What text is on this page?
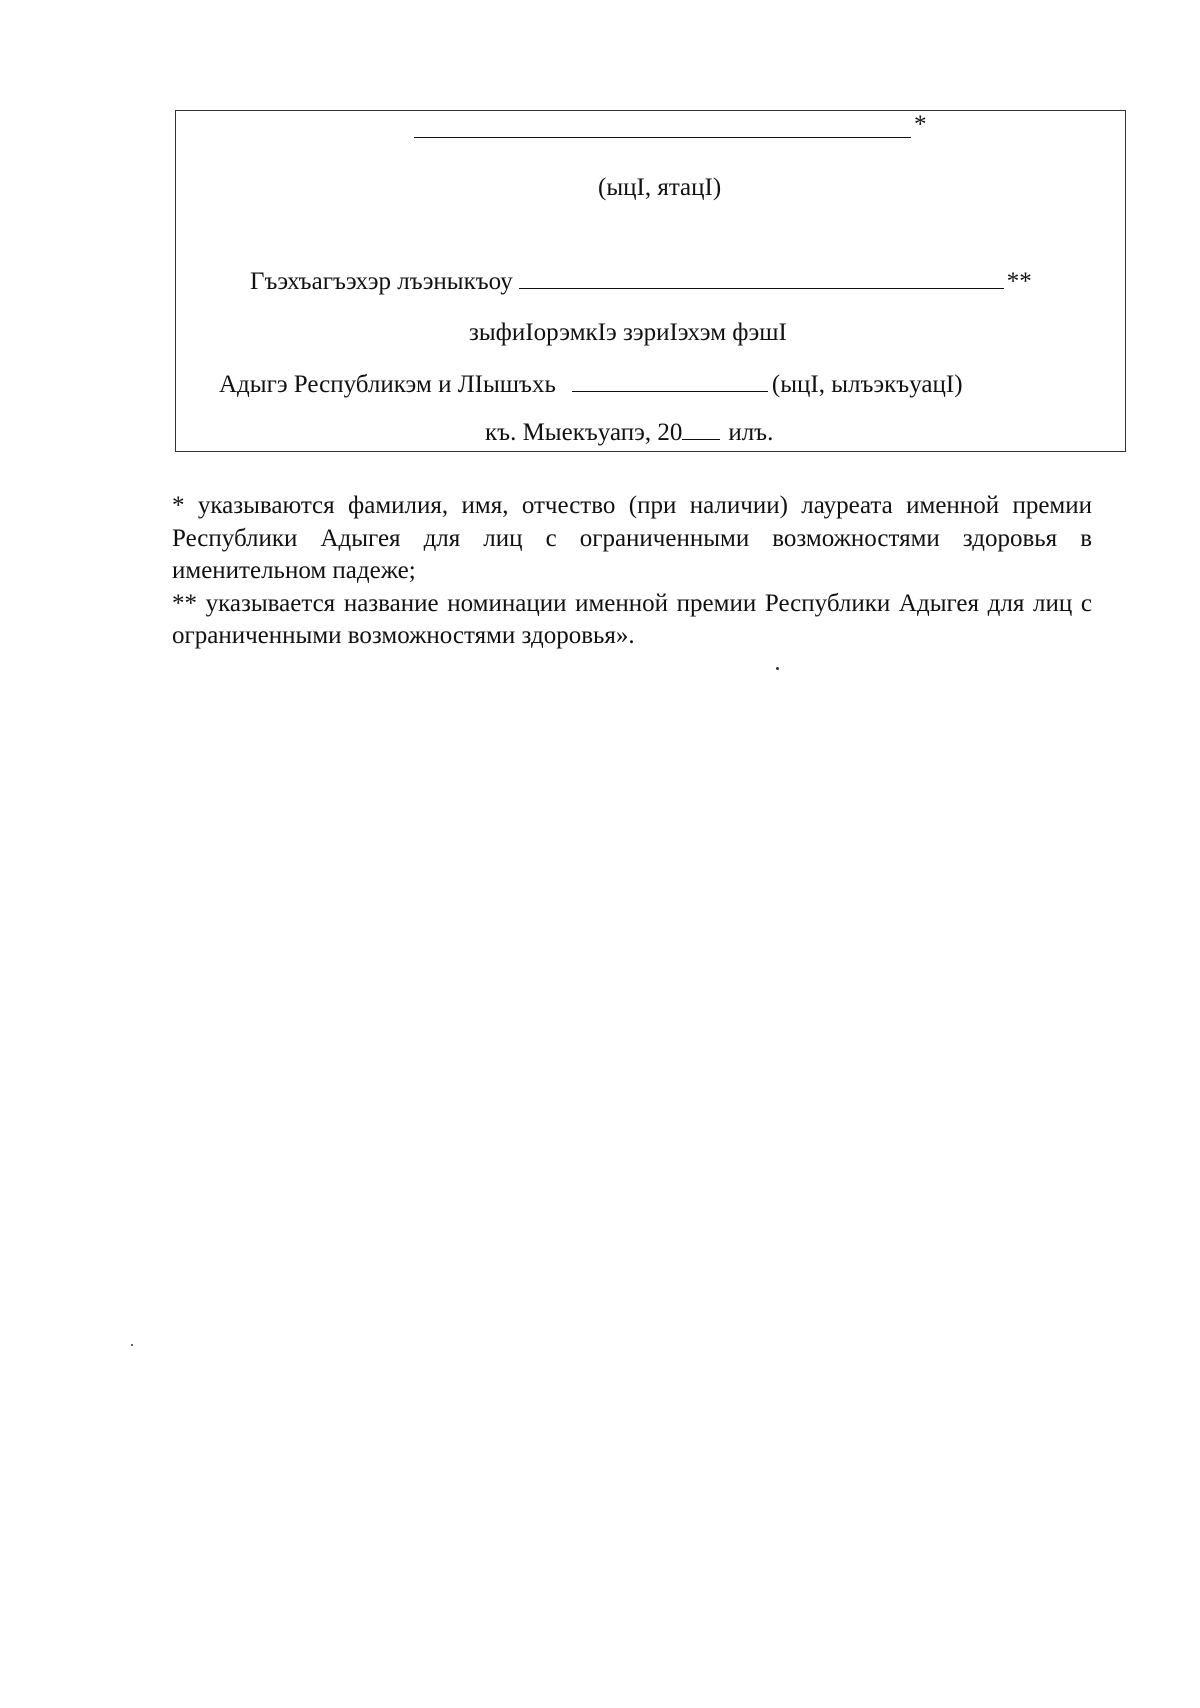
*
(ыцI, ятацI)
Гъэхъагъэхэр лъэныкъоу	**
зыфиIорэмкIэ зэриIэхэм фэшI
Адыгэ Республикэм и ЛIышъхь	(ыцI, ылъэкъуацI)
къ. Мыекъуапэ, 20 илъ.

* указываются фамилия, имя, отчество (при наличии) лауреата именной премии Республики Адыгея для лиц с ограниченными возможностями здоровья в именительном падеже;

** указывается название номинации именной премии Республики Адыгея для лиц с ограниченными возможностями здоровья».
